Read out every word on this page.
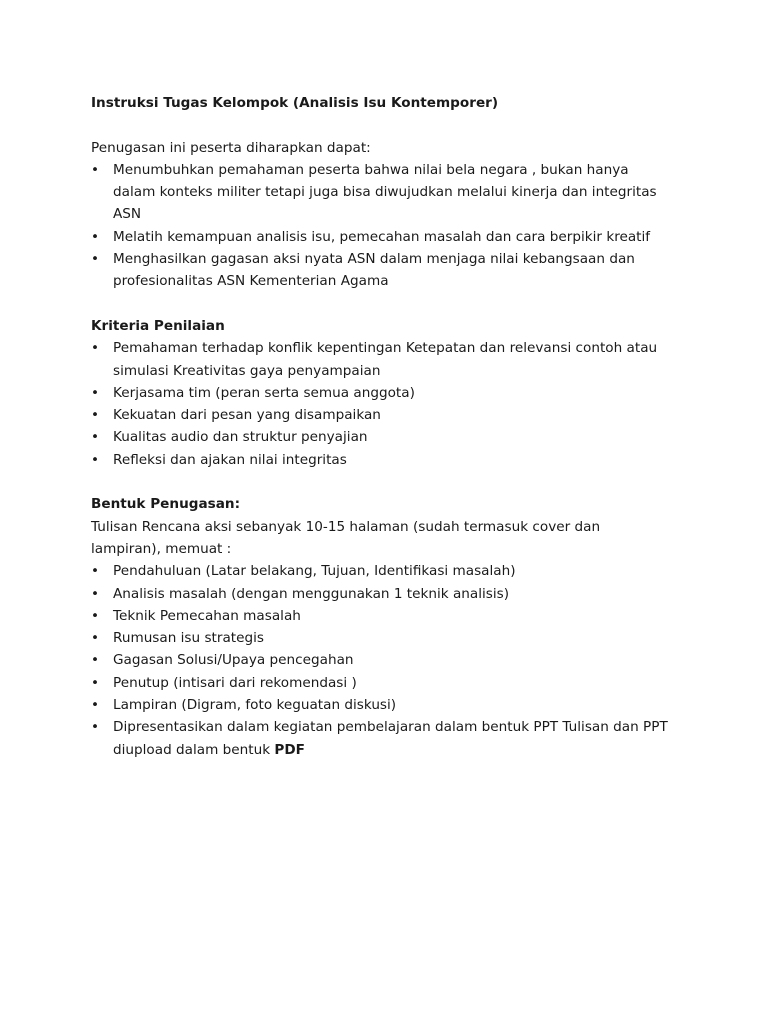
Instruksi Tugas Kelompok (Analisis Isu Kontemporer)

Penugasan ini peserta diharapkan dapat:

•	Menumbuhkan pemahaman peserta bahwa nilai bela negara , bukan hanya dalam konteks militer tetapi juga bisa diwujudkan melalui kinerja dan integritas ASN
•	Melatih kemampuan analisis isu, pemecahan masalah dan cara berpikir kreatif
•	Menghasilkan gagasan aksi nyata ASN dalam menjaga nilai kebangsaan dan profesionalitas ASN Kementerian Agama

Kriteria Penilaian

•	Pemahaman terhadap konflik kepentingan Ketepatan dan relevansi contoh atau simulasi Kreativitas gaya penyampaian
•	Kerjasama tim (peran serta semua anggota)
•	Kekuatan dari pesan yang disampaikan
•	Kualitas audio dan struktur penyajian
•	Refleksi dan ajakan nilai integritas

Bentuk Penugasan:

Tulisan Rencana aksi sebanyak 10-15 halaman (sudah termasuk cover dan lampiran), memuat :

•	Pendahuluan (Latar belakang, Tujuan, Identifikasi masalah)
•	Analisis masalah (dengan menggunakan 1 teknik analisis)
•	Teknik Pemecahan masalah
•	Rumusan isu strategis
•	Gagasan Solusi/Upaya pencegahan
•	Penutup (intisari dari rekomendasi )
•	Lampiran (Digram, foto keguatan diskusi)
•	Dipresentasikan dalam kegiatan pembelajaran dalam bentuk PPT Tulisan dan PPT diupload dalam bentuk PDF
